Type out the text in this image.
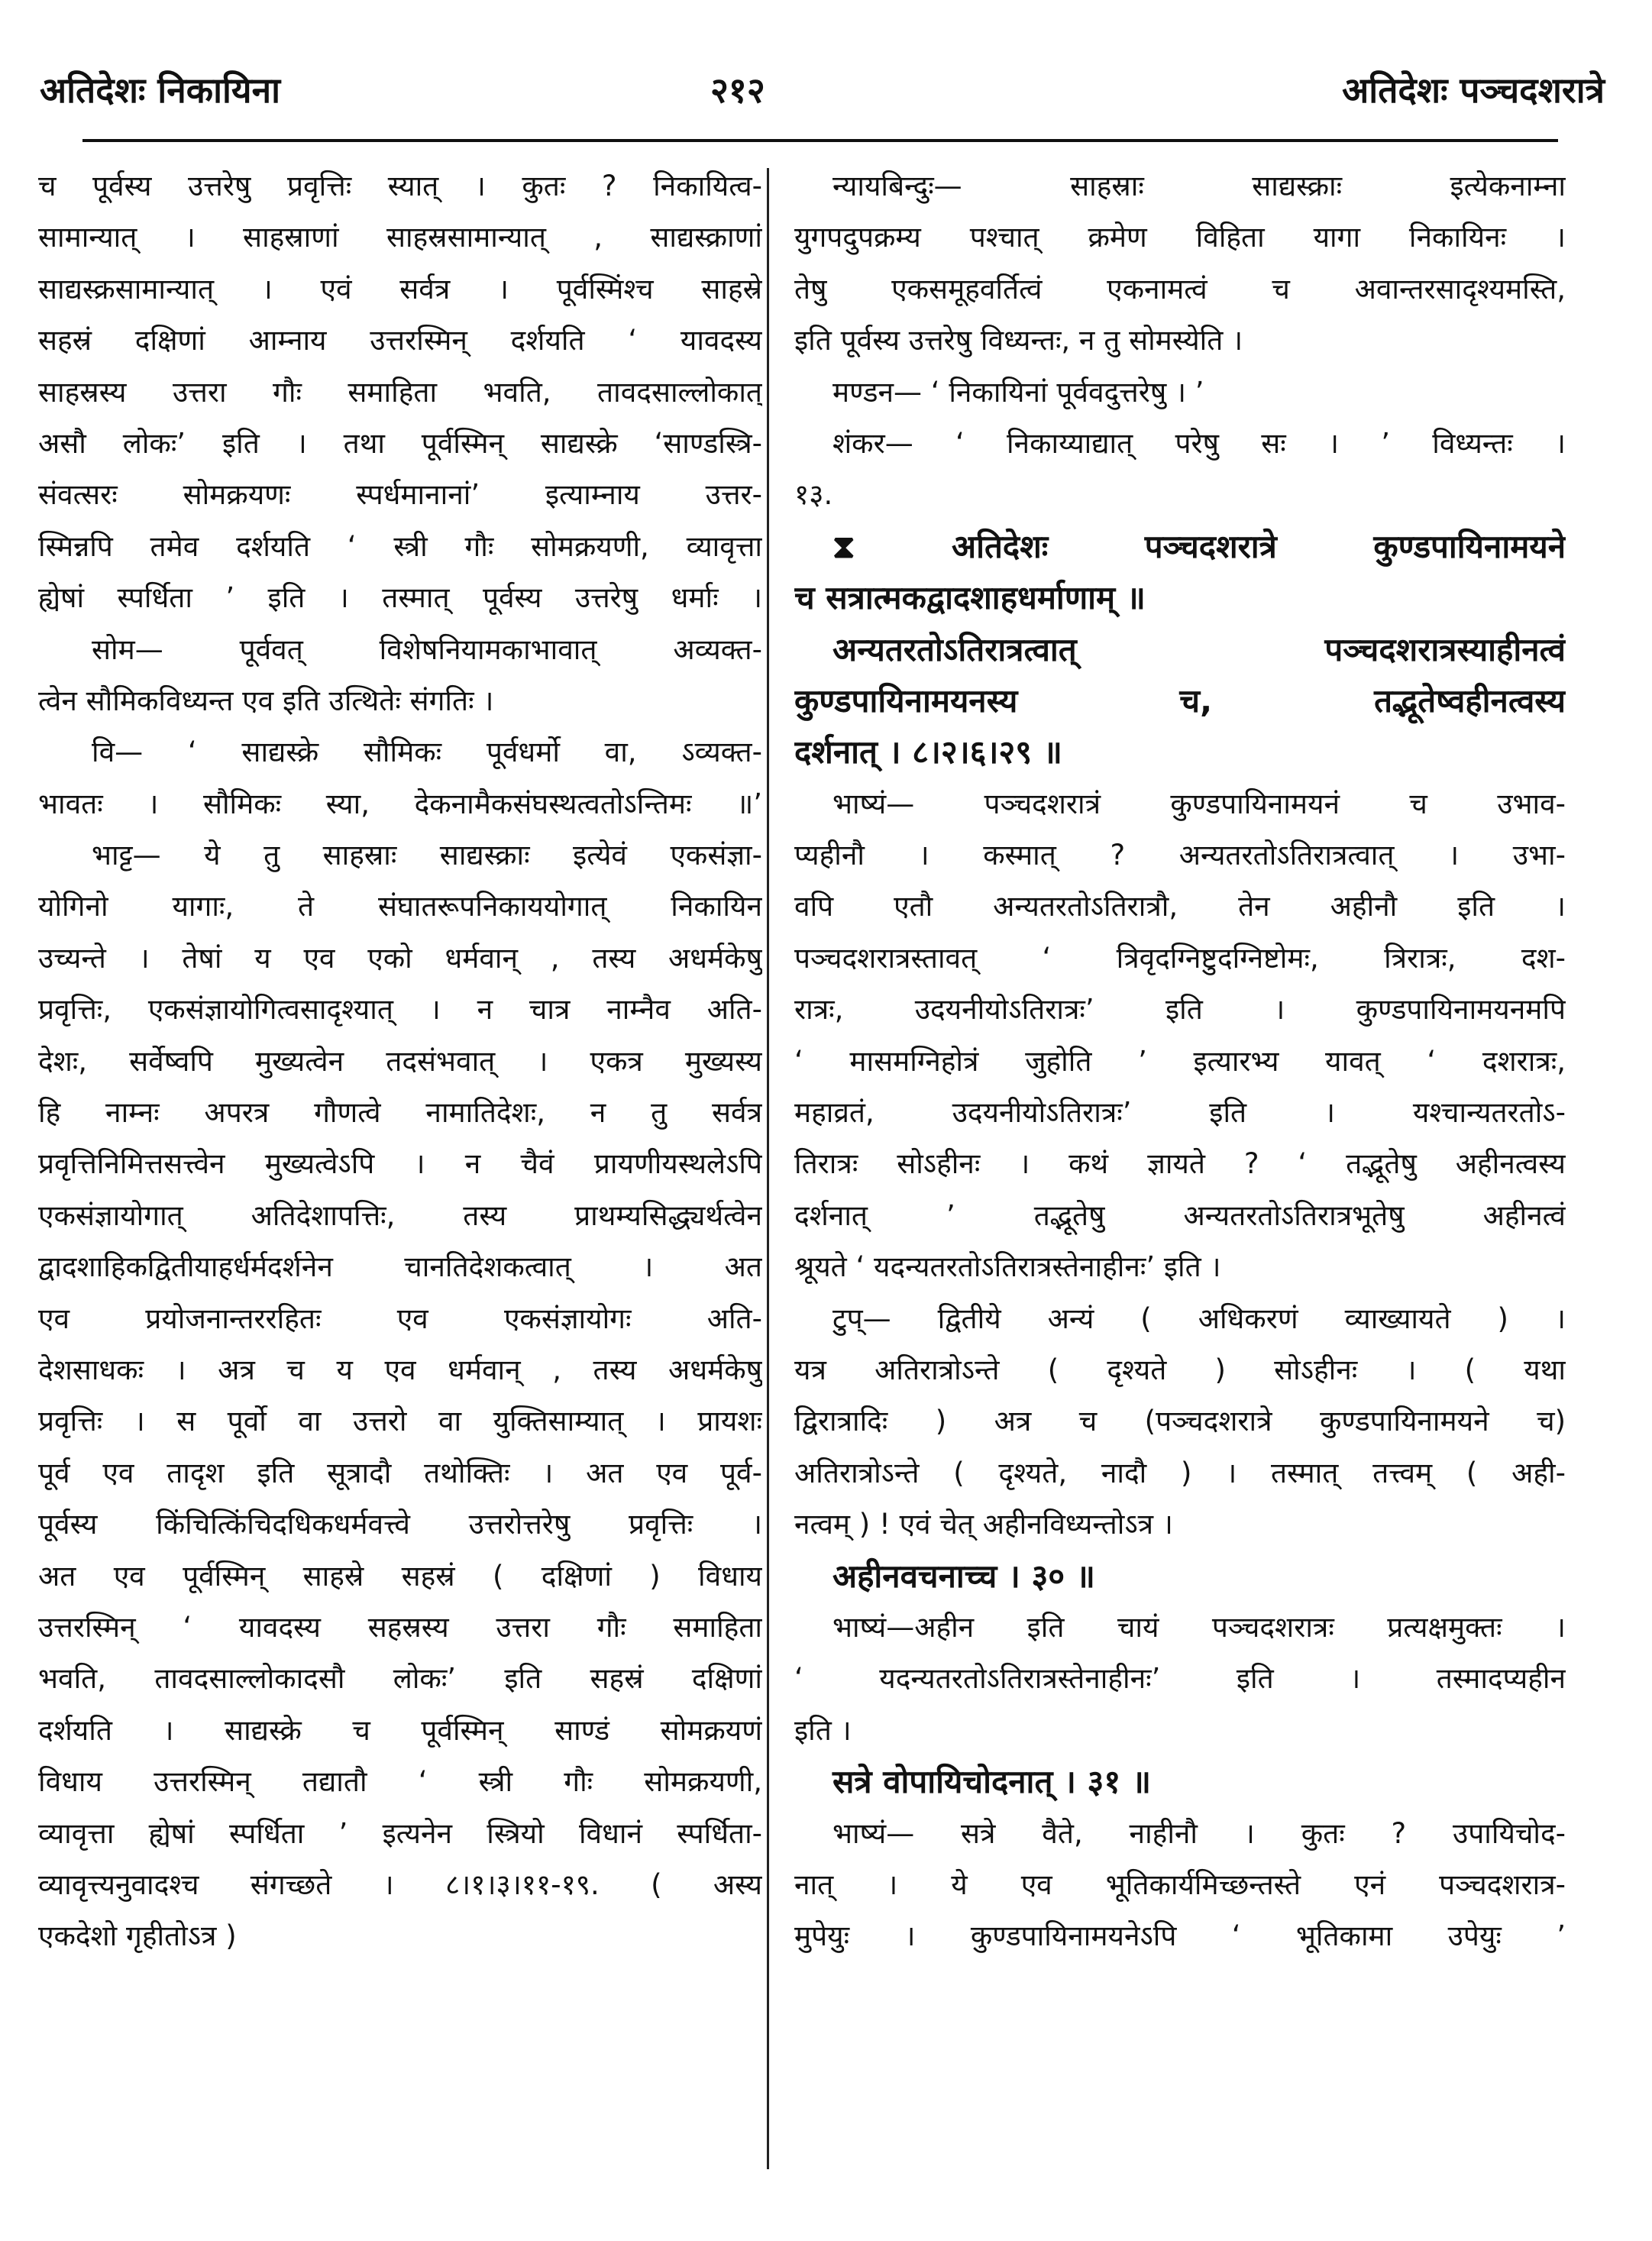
अतिदेशः निकायिना	२१२	अतिदेशः पञ्चदशरात्रे
च पूर्वस्य उत्तरेषु प्रवृत्तिः स्यात् । कुतः ? निकायित्व-
सामान्यात् । साहस्राणां साहस्रसामान्यात् , साद्यस्क्राणां
साद्यस्क्रसामान्यात् । एवं सर्वत्र । पूर्वस्मिंश्च साहस्रे
सहस्रं दक्षिणां आम्नाय उत्तरस्मिन् दर्शयति ‘ यावदस्य
साहस्रस्य उत्तरा गौः समाहिता भवति, तावदसाल्लोकात्
असौ लोकः’ इति । तथा पूर्वस्मिन् साद्यस्क्रे ‘साण्डस्त्रि-
संवत्सरः सोमक्रयणः स्पर्धमानानां’ इत्याम्नाय उत्तर-
स्मिन्नपि तमेव दर्शयति ‘ स्त्री गौः सोमक्रयणी, व्यावृत्ता
ह्येषां स्पर्धिता ’ इति । तस्मात् पूर्वस्य उत्तरेषु धर्माः ।
सोम— पूर्ववत् विशेषनियामकाभावात् अव्यक्त-
त्वेन सौमिकविध्यन्त एव इति उत्थितेः संगतिः ।
वि— ‘ साद्यस्क्रे सौमिकः पूर्वधर्मो वा, ऽव्यक्त-
भावतः । सौमिकः स्या, देकनामैकसंघस्थत्वतोऽन्तिमः ॥’
भाट्ट— ये तु साहस्राः साद्यस्क्राः इत्येवं एकसंज्ञा-
योगिनो यागाः, ते संघातरूपनिकाययोगात् निकायिन
उच्यन्ते । तेषां य एव एको धर्मवान् , तस्य अधर्मकेषु
प्रवृत्तिः, एकसंज्ञायोगित्वसादृश्यात् । न चात्र नाम्नैव अति-
देशः, सर्वेष्वपि मुख्यत्वेन तदसंभवात् । एकत्र मुख्यस्य
हि नाम्नः अपरत्र गौणत्वे नामातिदेशः, न तु सर्वत्र
प्रवृत्तिनिमित्तसत्त्वेन मुख्यत्वेऽपि । न चैवं प्रायणीयस्थलेऽपि
एकसंज्ञायोगात् अतिदेशापत्तिः, तस्य प्राथम्यसिद्ध्यर्थत्वेन
द्वादशाहिकद्वितीयाहर्धर्मदर्शनेन चानतिदेशकत्वात् । अत
एव प्रयोजनान्तररहितः एव एकसंज्ञायोगः अति-
देशसाधकः । अत्र च य एव धर्मवान् , तस्य अधर्मकेषु
प्रवृत्तिः । स पूर्वो वा उत्तरो वा युक्तिसाम्यात् । प्रायशः
पूर्व एव तादृश इति सूत्रादौ तथोक्तिः । अत एव पूर्व-
पूर्वस्य किंचित्किंचिदधिकधर्मवत्त्वे उत्तरोत्तरेषु प्रवृत्तिः ।
अत एव पूर्वस्मिन् साहस्रे सहस्रं ( दक्षिणां ) विधाय
उत्तरस्मिन् ‘ यावदस्य सहस्रस्य उत्तरा गौः समाहिता
भवति, तावदसाल्लोकादसौ लोकः’ इति सहस्रं दक्षिणां
दर्शयति । साद्यस्क्रे च पूर्वस्मिन् साण्डं सोमक्रयणं
विधाय उत्तरस्मिन् तद्यातौ ‘ स्त्री गौः सोमक्रयणी,
व्यावृत्ता ह्येषां स्पर्धिता ’ इत्यनेन स्त्रियो विधानं स्पर्धिता-
व्यावृत्त्यनुवादश्च संगच्छते । ८।१।३।११-१९. ( अस्य
एकदेशो गृहीतोऽत्र )
न्यायबिन्दुः— साहस्राः साद्यस्क्राः इत्येकनाम्ना
युगपदुपक्रम्य पश्चात् क्रमेण विहिता यागा निकायिनः ।
तेषु एकसमूहवर्तित्वं एकनामत्वं च अवान्तरसादृश्यमस्ति,
इति पूर्वस्य उत्तरेषु विध्यन्तः, न तु सोमस्येति ।
मण्डन— ‘ निकायिनां पूर्ववदुत्तरेषु । ’
शंकर— ‘ निकाय्याद्यात् परेषु सः । ’ विध्यन्तः ।
१३.
⧗ अतिदेशः पञ्चदशरात्रे कुण्डपायिनामयने
च सत्रात्मकद्वादशाहधर्माणाम् ॥
अन्यतरतोऽतिरात्रत्वात् पञ्चदशरात्रस्याहीनत्वं
कुण्डपायिनामयनस्य च, तद्भूतेष्वहीनत्वस्य
दर्शनात् । ८।२।६।२९ ॥
भाष्यं— पञ्चदशरात्रं कुण्डपायिनामयनं च उभाव-
प्यहीनौ । कस्मात् ? अन्यतरतोऽतिरात्रत्वात् । उभा-
वपि एतौ अन्यतरतोऽतिरात्रौ, तेन अहीनौ इति ।
पञ्चदशरात्रस्तावत् ‘ त्रिवृदग्निष्टुदग्निष्टोमः, त्रिरात्रः, दश-
रात्रः, उदयनीयोऽतिरात्रः’ इति । कुण्डपायिनामयनमपि
‘ मासमग्निहोत्रं जुहोति ’ इत्यारभ्य यावत् ‘ दशरात्रः,
महाव्रतं, उदयनीयोऽतिरात्रः’ इति । यश्चान्यतरतोऽ-
तिरात्रः सोऽहीनः । कथं ज्ञायते ? ‘ तद्भूतेषु अहीनत्वस्य
दर्शनात् ’ तद्भूतेषु अन्यतरतोऽतिरात्रभूतेषु अहीनत्वं
श्रूयते ‘ यदन्यतरतोऽतिरात्रस्तेनाहीनः’ इति ।
टुप्— द्वितीये अन्यं ( अधिकरणं व्याख्यायते ) ।
यत्र अतिरात्रोऽन्ते ( दृश्यते ) सोऽहीनः । ( यथा
द्विरात्रादिः ) अत्र च (पञ्चदशरात्रे कुण्डपायिनामयने च)
अतिरात्रोऽन्ते ( दृश्यते, नादौ ) । तस्मात् तत्त्वम् ( अही-
नत्वम् ) ! एवं चेत् अहीनविध्यन्तोऽत्र ।
अहीनवचनाच्च । ३० ॥
भाष्यं—अहीन इति चायं पञ्चदशरात्रः प्रत्यक्षमुक्तः ।
‘ यदन्यतरतोऽतिरात्रस्तेनाहीनः’ इति । तस्मादप्यहीन
इति ।
सत्रे वोपायिचोदनात् । ३१ ॥
भाष्यं— सत्रे वैते, नाहीनौ । कुतः ? उपायिचोद-
नात् । ये एव भूतिकार्यमिच्छन्तस्ते एनं पञ्चदशरात्र-
मुपेयुः । कुण्डपायिनामयनेऽपि ‘ भूतिकामा उपेयुः ’
